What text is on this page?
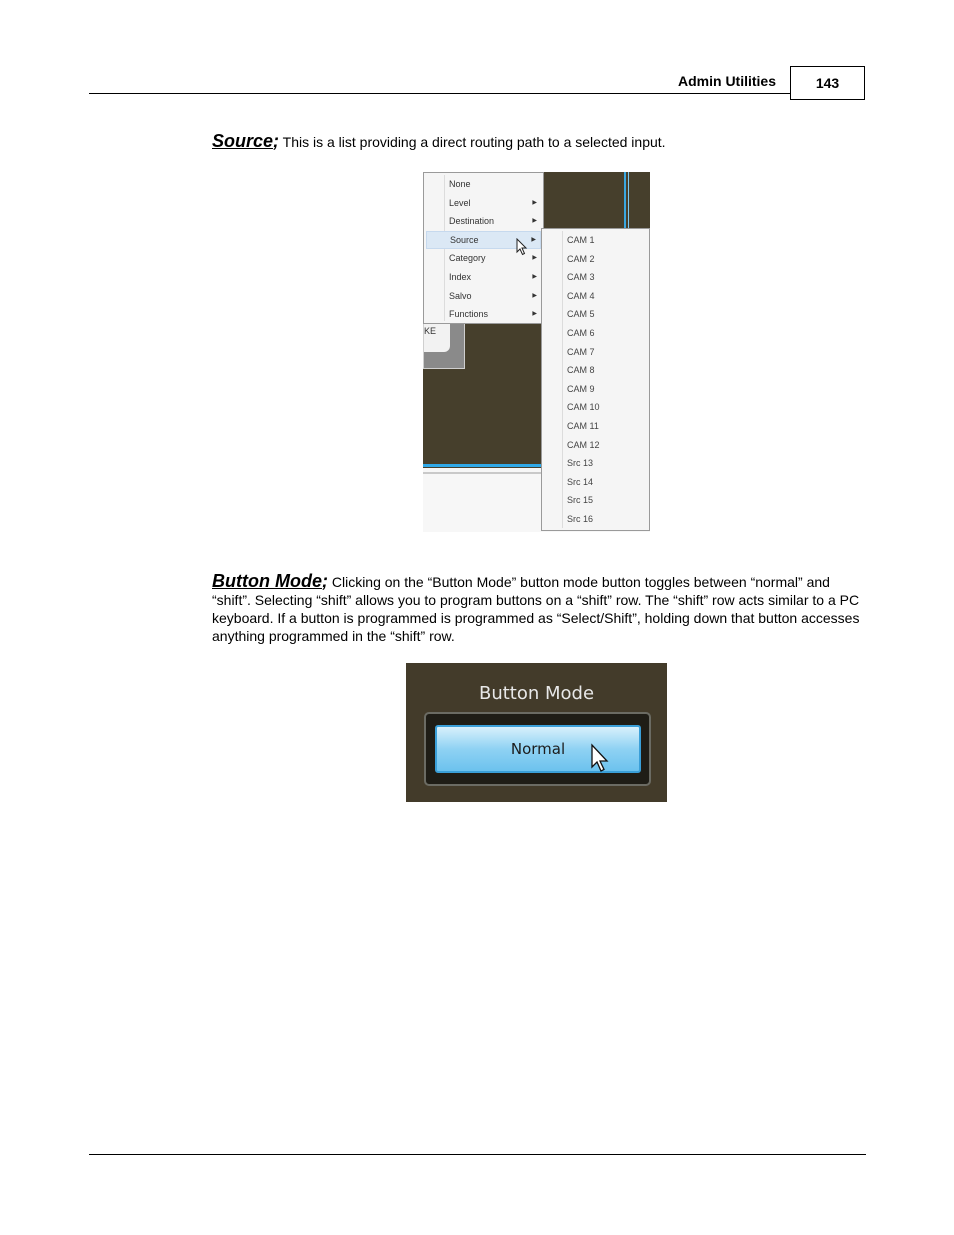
Admin Utilities	143
Source; This is a list providing a direct routing path to a selected input.
KE
None
Level	▶
Destination	▶
Source	▶
Category	▶
Index	▶
Salvo	▶
Functions	▶
CAM 1
CAM 2
CAM 3
CAM 4
CAM 5
CAM 6
CAM 7
CAM 8
CAM 9
CAM 10
CAM 11
CAM 12
Src 13
Src 14
Src 15
Src 16
Button Mode; Clicking on the “Button Mode” button mode button toggles between “normal” and “shift”. Selecting “shift” allows you to program buttons on a “shift” row. The “shift” row acts similar to a PC keyboard. If a button is programmed is programmed as “Select/Shift”, holding down that button accesses anything programmed in the “shift” row.
Button Mode
Normal
